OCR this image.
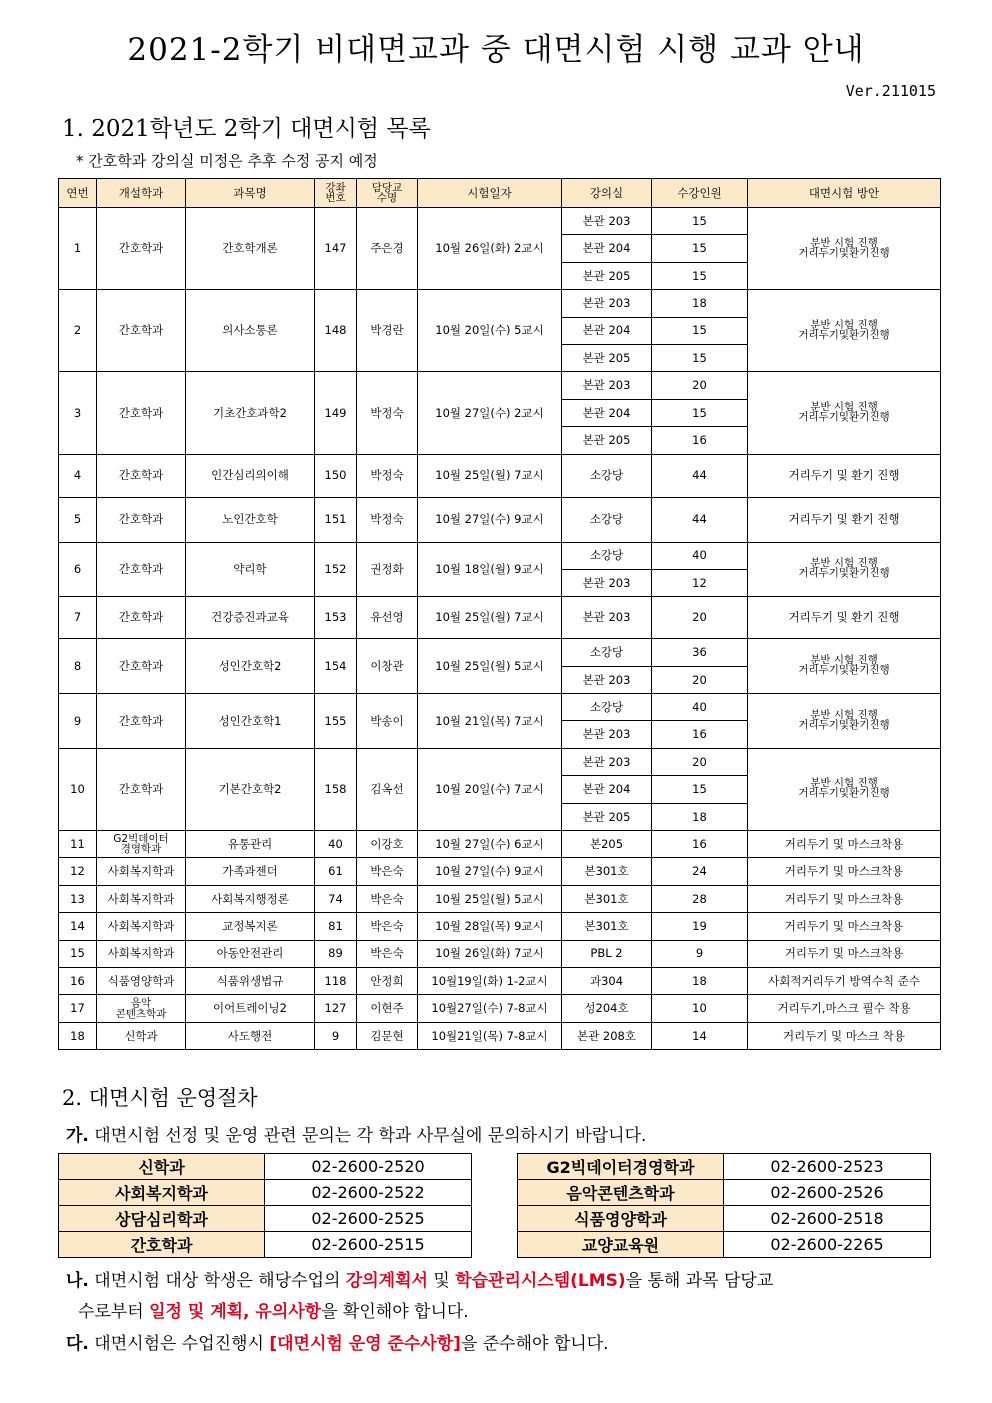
2021-2학기 비대면교과 중 대면시험 시행 교과 안내
Ver.211015
1. 2021학년도 2학기 대면시험 목록
* 간호학과 강의실 미정은 추후 수정 공지 예정
연번	개설학과	과목명	강좌번호	담당교수명	시험일자	강의실	수강인원	대면시험 방안
1	간호학과	간호학개론	147	주은경	10월 26일(화) 2교시	본관 203	15	분반 시험 진행
거리두기및환기진행
						본관 204	15	
						본관 205	15	
2	간호학과	의사소통론	148	박경란	10월 20일(수) 5교시	본관 203	18	분반 시험 진행
거리두기및환기진행
						본관 204	15	
						본관 205	15	
3	간호학과	기초간호과학2	149	박정숙	10월 27일(수) 2교시	본관 203	20	분반 시험 진행
거리두기및환기진행
						본관 204	15	
						본관 205	16	
4	간호학과	인간심리의이해	150	박정숙	10월 25일(월) 7교시	소강당	44	거리두기 및 환기 진행
5	간호학과	노인간호학	151	박정숙	10월 27일(수) 9교시	소강당	44	거리두기 및 환기 진행
6	간호학과	약리학	152	권정화	10월 18일(월) 9교시	소강당	40	분반 시험 진행
거리두기및환기진행
						본관 203	12	
7	간호학과	건강증진과교육	153	유선영	10월 25일(월) 7교시	본관 203	20	거리두기 및 환기 진행
8	간호학과	성인간호학2	154	이창관	10월 25일(월) 5교시	소강당	36	분반 시험 진행
거리두기및환기진행
						본관 203	20	
9	간호학과	성인간호학1	155	박송이	10월 21일(목) 7교시	소강당	40	분반 시험 진행
거리두기및환기진행
						본관 203	16	
10	간호학과	기본간호학2	158	김옥선	10월 20일(수) 7교시	본관 203	20	분반 시험 진행
거리두기및환기진행
						본관 204	15	
						본관 205	18	
11	G2빅데이터
경영학과	유통관리	40	이강호	10월 27일(수) 6교시	본205	16	거리두기 및 마스크착용
12	사회복지학과	가족과젠더	61	박은숙	10월 27일(수) 9교시	본301호	24	거리두기 및 마스크착용
13	사회복지학과	사회복지행정론	74	박은숙	10월 25일(월) 5교시	본301호	28	거리두기 및 마스크착용
14	사회복지학과	교정복지론	81	박은숙	10월 28일(목) 9교시	본301호	19	거리두기 및 마스크착용
15	사회복지학과	아동안전관리	89	박은숙	10월 26일(화) 7교시	PBL 2	9	거리두기 및 마스크착용
16	식품영양학과	식품위생법규	118	안정희	10월19일(화) 1-2교시	과304	18	사회적거리두기 방역수칙 준수
17	음악
콘텐츠학과	이어트레이닝2	127	이현주	10월27일(수) 7-8교시	성204호	10	거리두기,마스크 필수 착용
18	신학과	사도행전	9	김문현	10월21일(목) 7-8교시	본관 208호	14	거리두기 및 마스크 착용
2. 대면시험 운영절차
가. 대면시험 선정 및 운영 관련 문의는 각 학과 사무실에 문의하시기 바랍니다.
신학과	02-2600-2520
사회복지학과	02-2600-2522
상담심리학과	02-2600-2525
간호학과	02-2600-2515
G2빅데이터경영학과	02-2600-2523
음악콘텐츠학과	02-2600-2526
식품영양학과	02-2600-2518
교양교육원	02-2600-2265
나. 대면시험 대상 학생은 해당수업의 강의계획서 및 학습관리시스템(LMS)을 통해 과목 담당교
수로부터 일정 및 계획, 유의사항을 확인해야 합니다.
다. 대면시험은 수업진행시 [대면시험 운영 준수사항]을 준수해야 합니다.
